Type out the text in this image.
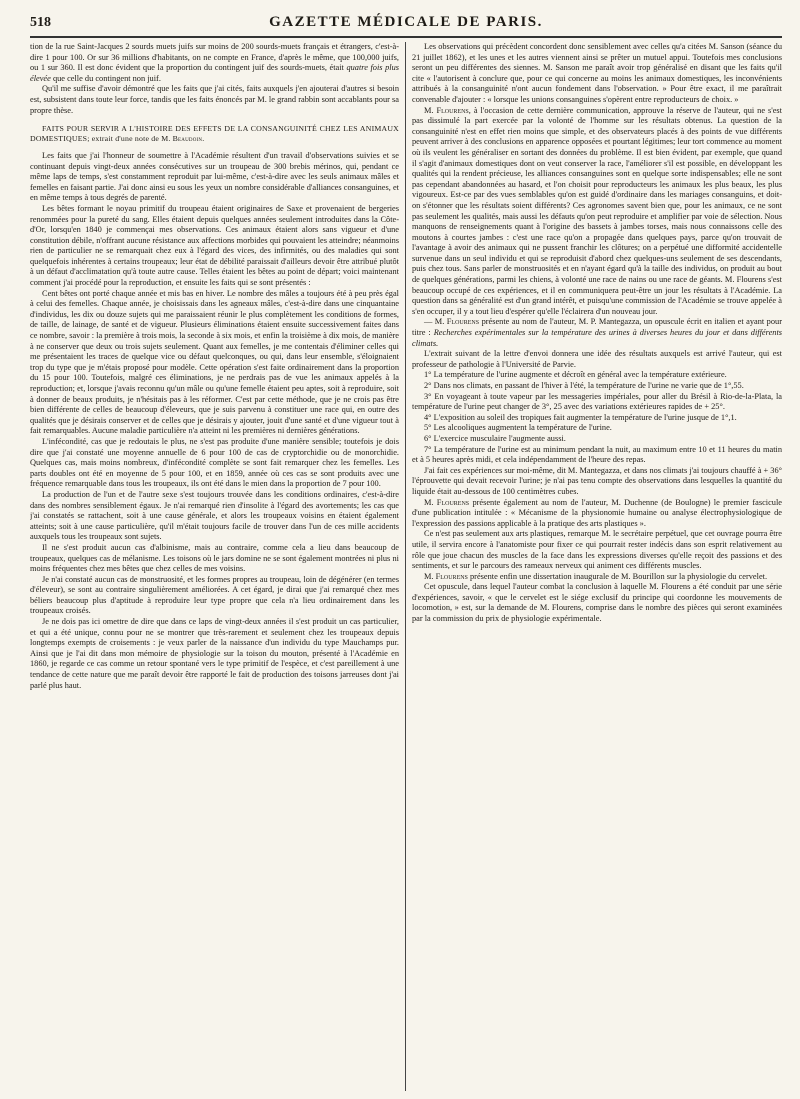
518	GAZETTE MÉDICALE DE PARIS.

tion de la rue Saint-Jacques 2 sourds muets juifs sur moins de 200 sourds-muets français et étrangers, c'est-à-dire 1 pour 100. Or sur 36 millions d'habitants, on ne compte en France, d'après le même, que 100,000 juifs, ou 1 sur 360. Il est donc évident que la proportion du contingent juif des sourds-muets, était quatre fois plus élevée que celle du contingent non juif.

Qu'il me suffise d'avoir démontré que les faits que j'ai cités, faits auxquels j'en ajouterai d'autres si besoin est, subsistent dans toute leur force, tandis que les faits énoncés par M. le grand rabbin sont accablants pour sa propre thèse.

FAITS POUR SERVIR A L'HISTOIRE DES EFFETS DE LA CONSANGUINITÉ CHEZ LES ANIMAUX DOMESTIQUES; extrait d'une note de M. Beaudoin.

Les faits que j'ai l'honneur de soumettre à l'Académie résultent d'un travail d'observations suivies et se continuant depuis vingt-deux années consécutives sur un troupeau de 300 brebis mérinos, qui, pendant ce même laps de temps, s'est constamment reproduit par lui-même, c'est-à-dire avec les seuls animaux mâles et femelles en faisant partie. J'ai donc ainsi eu sous les yeux un nombre considérable d'alliances consanguines, et en même temps à tous degrés de parenté.

Les bêtes formant le noyau primitif du troupeau étaient originaires de Saxe et provenaient de bergeries renommées pour la pureté du sang. Elles étaient depuis quelques années seulement introduites dans la Côte-d'Or, lorsqu'en 1840 je commençai mes observations. Ces animaux étaient alors sans vigueur et d'une constitution débile, n'offrant aucune résistance aux affections morbides qui pouvaient les atteindre; néanmoins rien de particulier ne se remarquait chez eux à l'égard des vices, des infirmités, ou des maladies qui sont quelquefois inhérentes à certains troupeaux; leur état de débilité paraissait d'ailleurs devoir être attribué plutôt à un défaut d'acclimatation qu'à toute autre cause. Telles étaient les bêtes au point de départ; voici maintenant comment j'ai procédé pour la reproduction, et ensuite les faits qui se sont présentés :

Cent bêtes ont porté chaque année et mis bas en hiver. Le nombre des mâles a toujours été à peu près égal à celui des femelles. Chaque année, je choisissais dans les agneaux mâles, c'est-à-dire dans une cinquantaine d'individus, les dix ou douze sujets qui me paraissaient réunir le plus complètement les conditions de formes, de taille, de lainage, de santé et de vigueur. Plusieurs éliminations étaient ensuite successivement faites dans ce nombre, savoir : la première à trois mois, la seconde à six mois, et enfin la troisième à dix mois, de manière à ne conserver que deux ou trois sujets seulement. Quant aux femelles, je me contentais d'éliminer celles qui me présentaient les traces de quelque vice ou défaut quelconques, ou qui, dans leur ensemble, s'éloignaient trop du type que je m'étais proposé pour modèle. Cette opération s'est faite ordinairement dans la proportion du 15 pour 100. Toutefois, malgré ces éliminations, je ne perdrais pas de vue les animaux appelés à la reproduction; et, lorsque j'avais reconnu qu'un mâle ou qu'une femelle étaient peu aptes, soit à reproduire, soit à donner de beaux produits, je n'hésitais pas à les réformer. C'est par cette méthode, que je ne crois pas être bien différente de celles de beaucoup d'éleveurs, que je suis parvenu à constituer une race qui, en outre des qualités que je désirais conserver et de celles que je désirais y ajouter, jouit d'une santé et d'une vigueur tout à fait remarquables. Aucune maladie particulière n'a atteint ni les premières ni dernières générations.

L'infécondité, cas que je redoutais le plus, ne s'est pas produite d'une manière sensible; toutefois je dois dire que j'ai constaté une moyenne annuelle de 6 pour 100 de cas de cryptorchidie ou de monorchidie. Quelques cas, mais moins nombreux, d'infécondité complète se sont fait remarquer chez les femelles. Les parts doubles ont été en moyenne de 5 pour 100, et en 1859, année où ces cas se sont produits avec une fréquence remarquable dans tous les troupeaux, ils ont été dans le mien dans la proportion de 7 pour 100.

La production de l'un et de l'autre sexe s'est toujours trouvée dans les conditions ordinaires, c'est-à-dire dans des nombres sensiblement égaux. Je n'ai remarqué rien d'insolite à l'égard des avortements; les cas que j'ai constatés se rattachent, soit à une cause générale, et alors les troupeaux voisins en étaient également atteints; soit à une cause particulière, qu'il m'était toujours facile de trouver dans l'un de ces mille accidents auxquels tous les troupeaux sont sujets.

Il ne s'est produit aucun cas d'albinisme, mais au contraire, comme cela a lieu dans beaucoup de troupeaux, quelques cas de mélanisme. Les toisons où le jars domine ne se sont également montrées ni plus ni moins fréquentes chez mes bêtes que chez celles de mes voisins.

Je n'ai constaté aucun cas de monstruosité, et les formes propres au troupeau, loin de dégénérer (en termes d'éleveur), se sont au contraire singulièrement améliorées. A cet égard, je dirai que j'ai remarqué chez mes béliers beaucoup plus d'aptitude à reproduire leur type propre que cela n'a lieu ordinairement dans les troupeaux croisés.

Je ne dois pas ici omettre de dire que dans ce laps de vingt-deux années il s'est produit un cas particulier, et qui a été unique, connu pour ne se montrer que très-rarement et seulement chez les troupeaux depuis longtemps exempts de croisements : je veux parler de la naissance d'un individu du type Mauchamps pur. Ainsi que je l'ai dit dans mon mémoire de physiologie sur la toison du mouton, présenté à l'Académie en 1860, je regarde ce cas comme un retour spontané vers le type primitif de l'espèce, et c'est pareillement à une tendance de cette nature que me paraît devoir être rapporté le fait de production des toisons jarreuses dont j'ai parlé plus haut.

Les observations qui précèdent concordent donc sensiblement avec celles qu'a citées M. Sanson (séance du 21 juillet 1862), et les unes et les autres viennent ainsi se prêter un mutuel appui. Toutefois mes conclusions seront un peu différentes des siennes. M. Sanson me paraît avoir trop généralisé en disant que les faits qu'il cite « l'autorisent à conclure que, pour ce qui concerne au moins les animaux domestiques, les inconvénients attribués à la consanguinité n'ont aucun fondement dans l'observation. » Pour être exact, il me paraîtrait convenable d'ajouter : « lorsque les unions consanguines s'opèrent entre reproducteurs de choix. »

M. Flourens, à l'occasion de cette dernière communication, approuve la réserve de l'auteur, qui ne s'est pas dissimulé la part exercée par la volonté de l'homme sur les résultats obtenus. La question de la consanguinité n'est en effet rien moins que simple, et des observateurs placés à des points de vue différents peuvent arriver à des conclusions en apparence opposées et pourtant légitimes; leur tort commence au moment où ils veulent les généraliser en sortant des données du problème. Il est bien évident, par exemple, que quand il s'agit d'animaux domestiques dont on veut conserver la race, l'améliorer s'il est possible, en développant les qualités qui la rendent précieuse, les alliances consanguines sont en quelque sorte indispensables; elle ne sont pas cependant abandonnées au hasard, et l'on choisit pour reproducteurs les animaux les plus beaux, les plus vigoureux. Est-ce par des vues semblables qu'on est guidé d'ordinaire dans les mariages consanguins, et doit-on s'étonner que les résultats soient différents? Ces agronomes savent bien que, pour les animaux, ce ne sont pas seulement les qualités, mais aussi les défauts qu'on peut reproduire et amplifier par voie de sélection. Nous manquons de renseignements quant à l'origine des bassets à jambes torses, mais nous connaissons celle des moutons à courtes jambes : c'est une race qu'on a propagée dans quelques pays, parce qu'on trouvait de l'avantage à avoir des animaux qui ne pussent franchir les clôtures; on a perpétué une difformité accidentelle survenue dans un seul individu et qui se reproduisit d'abord chez quelques-uns seulement de ses descendants, puis chez tous. Sans parler de monstruosités et en n'ayant égard qu'à la taille des individus, on produit au bout de quelques générations, parmi les chiens, à volonté une race de nains ou une race de géants. M. Flourens s'est beaucoup occupé de ces expériences, et il en communiquera peut-être un jour les résultats à l'Académie. La question dans sa généralité est d'un grand intérêt, et puisqu'une commission de l'Académie se trouve appelée à s'en occuper, il y a tout lieu d'espérer qu'elle l'éclairera d'un nouveau jour.

— M. Flourens présente au nom de l'auteur, M. P. Mantegazza, un opuscule écrit en italien et ayant pour titre : Recherches expérimentales sur la température des urines à diverses heures du jour et dans différents climats.

L'extrait suivant de la lettre d'envoi donnera une idée des résultats auxquels est arrivé l'auteur, qui est professeur de pathologie à l'Université de Parvie.

1° La température de l'urine augmente et décroît en général avec la température extérieure.

2° Dans nos climats, en passant de l'hiver à l'été, la température de l'urine ne varie que de 1°,55.

3° En voyageant à toute vapeur par les messageries impériales, pour aller du Brésil à Rio-de-la-Plata, la température de l'urine peut changer de 3°, 25 avec des variations extérieures rapides de + 25°.

4° L'exposition au soleil des tropiques fait augmenter la température de l'urine jusque de 1°,1.

5° Les alcooliques augmentent la température de l'urine.

6° L'exercice musculaire l'augmente aussi.

7° La température de l'urine est au minimum pendant la nuit, au maximum entre 10 et 11 heures du matin et à 5 heures après midi, et cela indépendamment de l'heure des repas.

J'ai fait ces expériences sur moi-même, dit M. Mantegazza, et dans nos climats j'ai toujours chauffé à + 36° l'éprouvette qui devait recevoir l'urine; je n'ai pas tenu compte des observations dans lesquelles la quantité du liquide était au-dessous de 100 centimètres cubes.

M. Flourens présente également au nom de l'auteur, M. Duchenne (de Boulogne) le premier fascicule d'une publication intitulée : « Mécanisme de la physionomie humaine ou analyse électrophysiologique de l'expression des passions applicable à la pratique des arts plastiques ».

Ce n'est pas seulement aux arts plastiques, remarque M. le secrétaire perpétuel, que cet ouvrage pourra être utile, il servira encore à l'anatomiste pour fixer ce qui pourrait rester indécis dans son esprit relativement au rôle que joue chacun des muscles de la face dans les expressions diverses qu'elle reçoit des passions et des sentiments, et sur le parcours des rameaux nerveux qui animent ces différents muscles.

M. Flourens présente enfin une dissertation inaugurale de M. Bourillon sur la physiologie du cervelet.

Cet opuscule, dans lequel l'auteur combat la conclusion à laquelle M. Flourens a été conduit par une série d'expériences, savoir, « que le cervelet est le siége exclusif du principe qui coordonne les mouvements de locomotion, » est, sur la demande de M. Flourens, comprise dans le nombre des pièces qui seront examinées par la commission du prix de physiologie expérimentale.
